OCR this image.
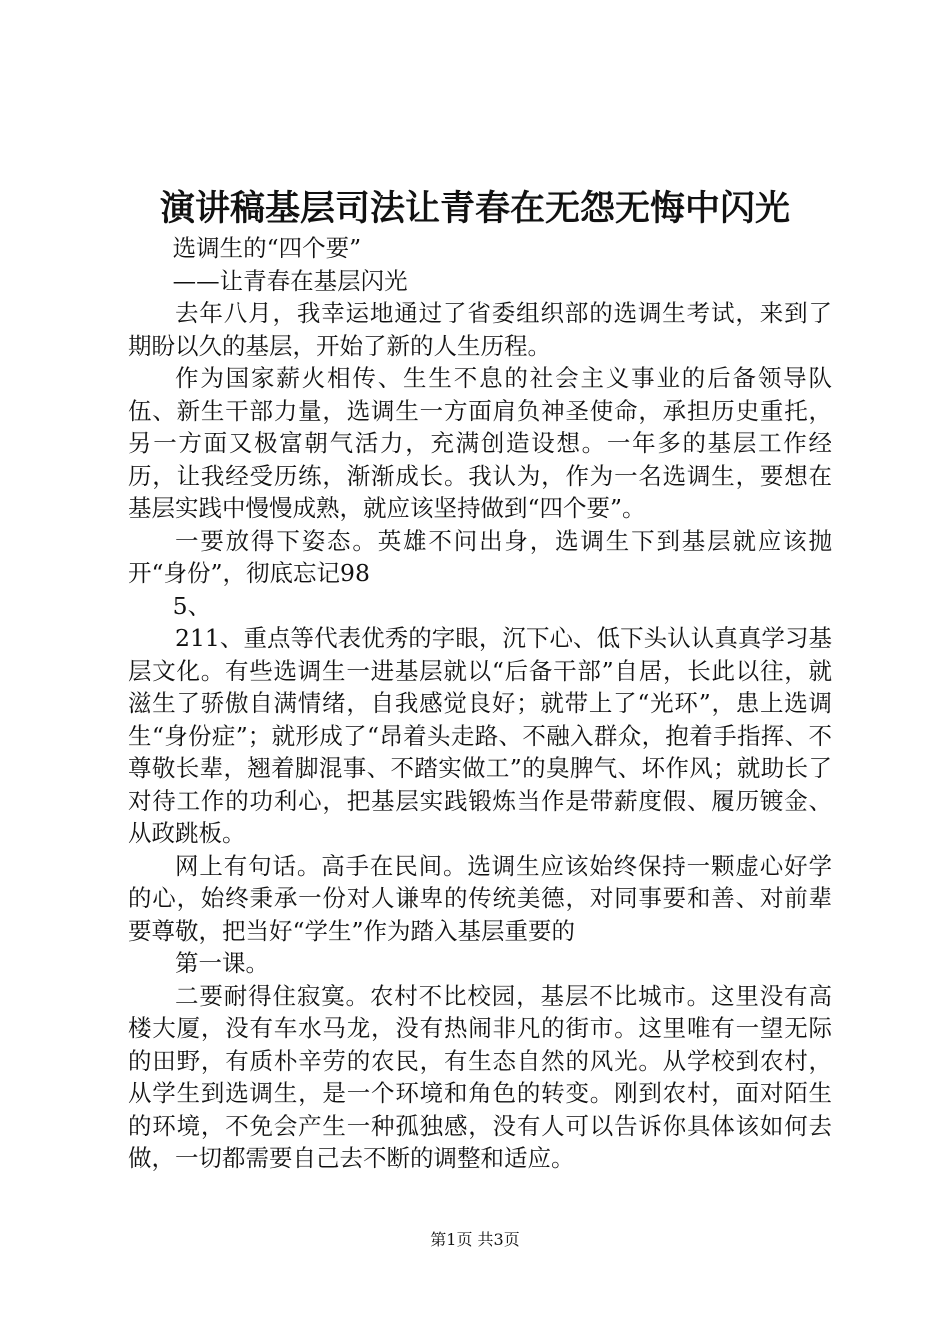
演讲稿基层司法让青春在无怨无悔中闪光

选调生的“四个要”

——让青春在基层闪光

去年八月，我幸运地通过了省委组织部的选调生考试，来到了期盼以久的基层，开始了新的人生历程。

作为国家薪火相传、生生不息的社会主义事业的后备领导队伍、新生干部力量，选调生一方面肩负神圣使命，承担历史重托，另一方面又极富朝气活力，充满创造设想。一年多的基层工作经历，让我经受历练，渐渐成长。我认为，作为一名选调生，要想在基层实践中慢慢成熟，就应该坚持做到“四个要”。

一要放得下姿态。英雄不问出身，选调生下到基层就应该抛开“身份”，彻底忘记98

5、

211、重点等代表优秀的字眼，沉下心、低下头认认真真学习基层文化。有些选调生一进基层就以“后备干部”自居，长此以往，就滋生了骄傲自满情绪，自我感觉良好；就带上了“光环”，患上选调生“身份症”；就形成了“昂着头走路、不融入群众，抱着手指挥、不尊敬长辈，翘着脚混事、不踏实做工”的臭脾气、坏作风；就助长了对待工作的功利心，把基层实践锻炼当作是带薪度假、履历镀金、从政跳板。

网上有句话。高手在民间。选调生应该始终保持一颗虚心好学的心，始终秉承一份对人谦卑的传统美德，对同事要和善、对前辈要尊敬，把当好“学生”作为踏入基层重要的

第一课。

二要耐得住寂寞。农村不比校园，基层不比城市。这里没有高楼大厦，没有车水马龙，没有热闹非凡的街市。这里唯有一望无际的田野，有质朴辛劳的农民，有生态自然的风光。从学校到农村，从学生到选调生，是一个环境和角色的转变。刚到农村，面对陌生的环境，不免会产生一种孤独感，没有人可以告诉你具体该如何去做，一切都需要自己去不断的调整和适应。

第1页 共3页
